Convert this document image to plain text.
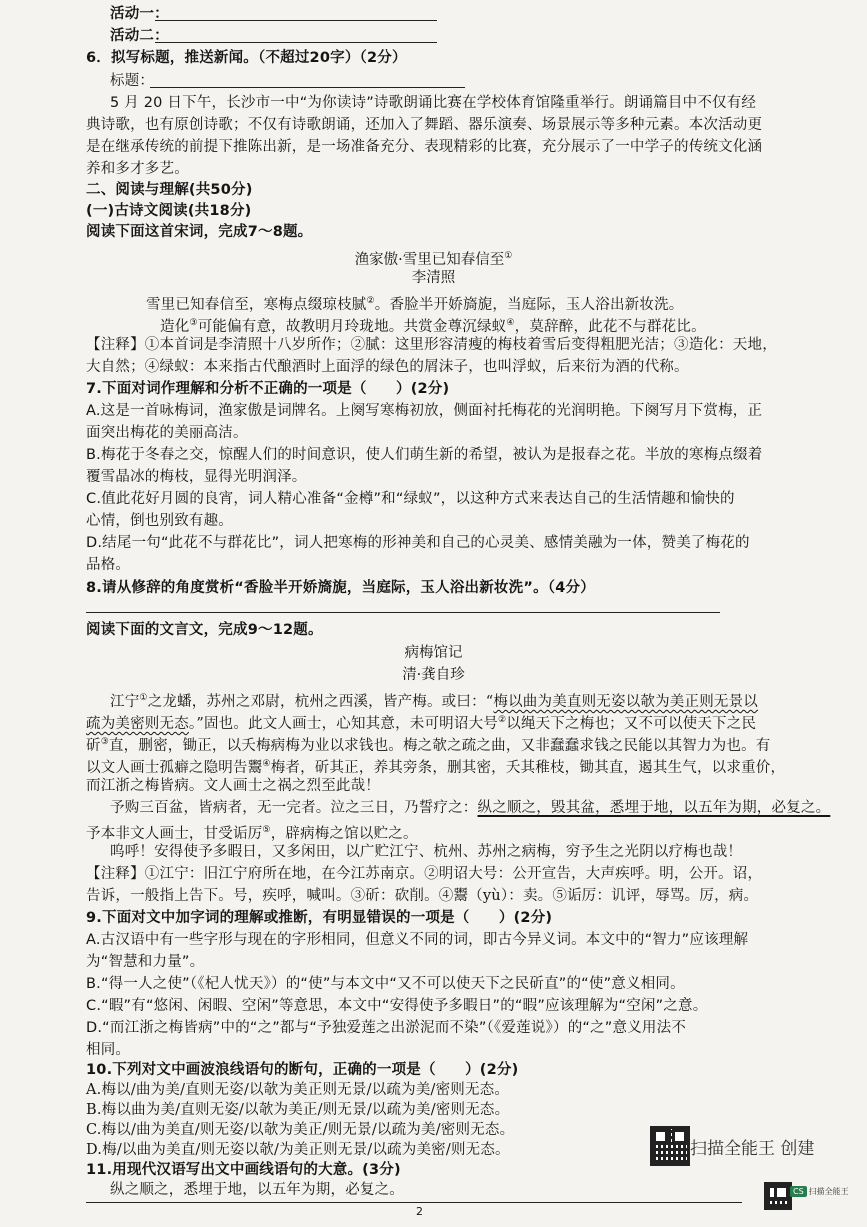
活动一：
活动二：
6．拟写标题，推送新闻。（不超过20字）（2分）
标题：
5 月 20 日下午，长沙市一中“为你读诗”诗歌朗诵比赛在学校体育馆隆重举行。朗诵篇目中不仅有经
典诗歌，也有原创诗歌；不仅有诗歌朗诵，还加入了舞蹈、器乐演奏、场景展示等多种元素。本次活动更
是在继承传统的前提下推陈出新，是一场准备充分、表现精彩的比赛，充分展示了一中学子的传统文化涵
养和多才多艺。
二、阅读与理解(共50分)
(一)古诗文阅读(共18分)
阅读下面这首宋词，完成7～8题。
渔家傲·雪里已知春信至①
李清照
雪里已知春信至，寒梅点缀琼枝腻②。香脸半开娇旖旎，当庭际，玉人浴出新妆洗。
造化③可能偏有意，故教明月玲珑地。共赏金尊沉绿蚁④，莫辞醉，此花不与群花比。
【注释】①本首词是李清照十八岁所作；②腻：这里形容清瘦的梅枝着雪后变得粗肥光洁；③造化：天地，
大自然；④绿蚁：本来指古代酿酒时上面浮的绿色的屑沫子，也叫浮蚁，后来衍为酒的代称。
7.下面对词作理解和分析不正确的一项是（　　）(2分)
A.这是一首咏梅词，渔家傲是词牌名。上阕写寒梅初放，侧面衬托梅花的光润明艳。下阕写月下赏梅，正
面突出梅花的美丽高洁。
B.梅花于冬春之交，惊醒人们的时间意识，使人们萌生新的希望，被认为是报春之花。半放的寒梅点缀着
覆雪晶冰的梅枝，显得光明润泽。
C.值此花好月圆的良宵，词人精心准备“金樽”和“绿蚁”，以这种方式来表达自己的生活情趣和愉快的
心情，倒也别致有趣。
D.结尾一句“此花不与群花比”，词人把寒梅的形神美和自己的心灵美、感情美融为一体，赞美了梅花的
品格。
8.请从修辞的角度赏析“香脸半开娇旖旎，当庭际，玉人浴出新妆洗”。（4分）
阅读下面的文言文，完成9～12题。
病梅馆记
清·龚自珍
江宁①之龙蟠，苏州之邓尉，杭州之西溪，皆产梅。或曰：“梅以曲为美直则无姿以欹为美正则无景以
疏为美密则无态。”固也。此文人画士，心知其意，未可明诏大号②以绳天下之梅也；又不可以使天下之民
斫③直，删密，锄正，以夭梅病梅为业以求钱也。梅之欹之疏之曲，又非蠢蠢求钱之民能以其智力为也。有
以文人画士孤癖之隐明告鬻④梅者，斫其正，养其旁条，删其密，夭其稚枝，锄其直，遏其生气，以求重价，
而江浙之梅皆病。文人画士之祸之烈至此哉！
予购三百盆，皆病者，无一完者。泣之三日，乃誓疗之：纵之顺之，毁其盆，悉埋于地，以五年为期，必复之。
予本非文人画士，甘受诟厉⑤，辟病梅之馆以贮之。
呜呼！安得使予多暇日，又多闲田，以广贮江宁、杭州、苏州之病梅，穷予生之光阴以疗梅也哉！
【注释】①江宁：旧江宁府所在地，在今江苏南京。②明诏大号：公开宣告，大声疾呼。明，公开。诏，
告诉，一般指上告下。号，疾呼，喊叫。③斫：砍削。④鬻（yù）：卖。⑤诟厉：讥评，辱骂。厉，病。
9.下面对文中加字词的理解或推断，有明显错误的一项是（　　）(2分)
A.古汉语中有一些字形与现在的字形相同，但意义不同的词，即古今异义词。本文中的“智力”应该理解
为“智慧和力量”。
B.“得一人之使”（《杞人忧天》）的“使”与本文中“又不可以使天下之民斫直”的“使”意义相同。
C.“暇”有“悠闲、闲暇、空闲”等意思，本文中“安得使予多暇日”的“暇”应该理解为“空闲”之意。
D.“而江浙之梅皆病”中的“之”都与“予独爱莲之出淤泥而不染”（《爱莲说》）的“之”意义用法不
相同。
10.下列对文中画波浪线语句的断句，正确的一项是（　　）(2分)
A.梅以/曲为美/直则无姿/以欹为美正则无景/以疏为美/密则无态。
B.梅以曲为美/直则无姿/以欹为美正/则无景/以疏为美/密则无态。
C.梅以/曲为美直/则无姿/以欹为美正/则无景/以疏为美/密则无态。
D.梅/以曲为美直/则无姿以欹/为美正则无景/以疏为美密/则无态。
11.用现代汉语写出文中画线语句的大意。(3分)
纵之顺之，悉埋于地，以五年为期，必复之。
2
扫描全能王 创建
CS 扫描全能王
